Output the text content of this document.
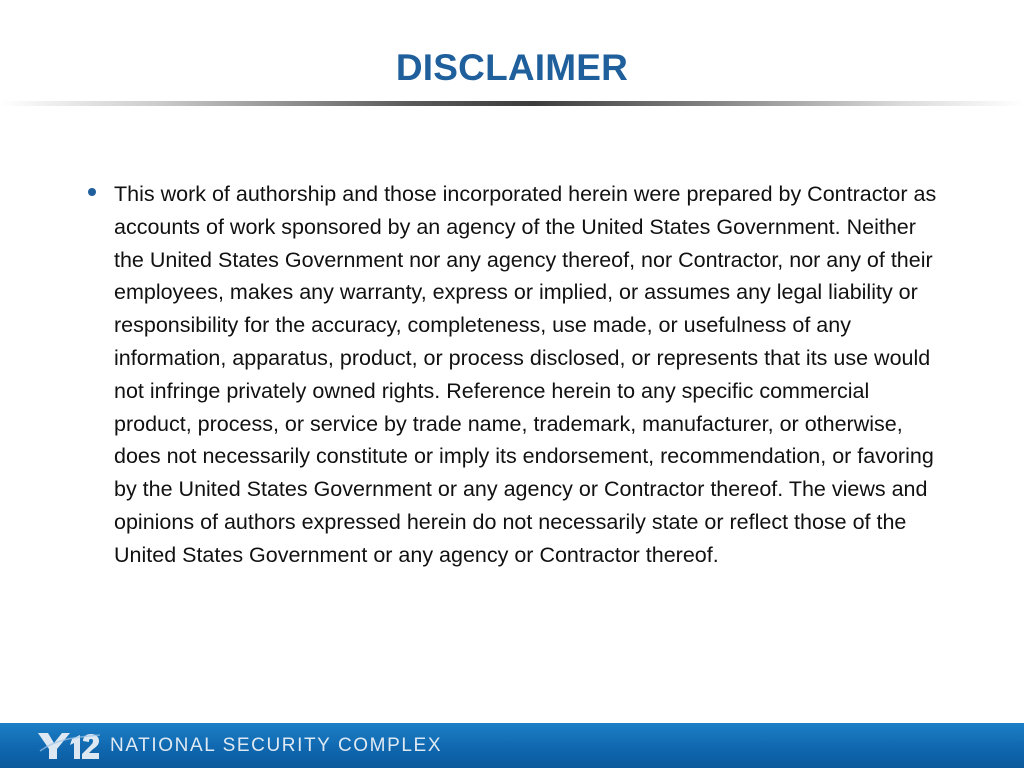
DISCLAIMER
This work of authorship and those incorporated herein were prepared by Contractor as accounts of work sponsored by an agency of the United States Government. Neither the United States Government nor any agency thereof, nor Contractor, nor any of their employees, makes any warranty, express or implied, or assumes any legal liability or responsibility for the accuracy, completeness, use made, or usefulness of any information, apparatus, product, or process disclosed, or represents that its use would not infringe privately owned rights. Reference herein to any specific commercial product, process, or service by trade name, trademark, manufacturer, or otherwise, does not necessarily constitute or imply its endorsement, recommendation, or favoring by the United States Government or any agency or Contractor thereof. The views and opinions of authors expressed herein do not necessarily state or reflect those of the United States Government or any agency or Contractor thereof.
NATIONAL SECURITY COMPLEX
